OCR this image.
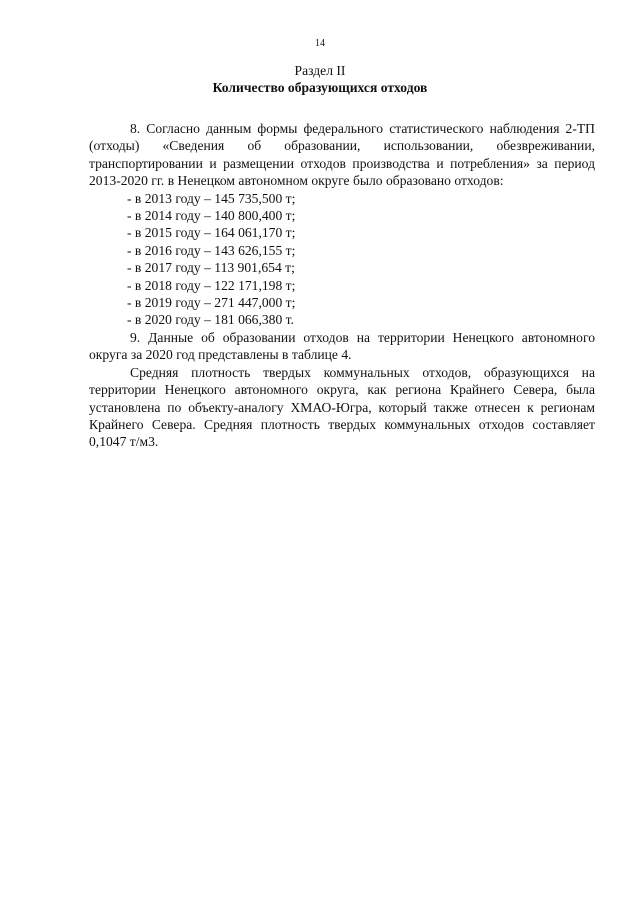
14
Раздел II
Количество образующихся отходов

8. Согласно данным формы федерального статистического наблюдения 2-ТП (отходы) «Сведения об образовании, использовании, обезвреживании, транспортировании и размещении отходов производства и потребления» за период 2013-2020 гг. в Ненецком автономном округе было образовано отходов:

- в 2013 году – 145 735,500 т;
- в 2014 году – 140 800,400 т;
- в 2015 году – 164 061,170 т;
- в 2016 году – 143 626,155 т;
- в 2017 году – 113 901,654 т;
- в 2018 году – 122 171,198 т;
- в 2019 году – 271 447,000 т;
- в 2020 году – 181 066,380 т.

9. Данные об образовании отходов на территории Ненецкого автономного округа за 2020 год представлены в таблице 4.

Средняя плотность твердых коммунальных отходов, образующихся на территории Ненецкого автономного округа, как региона Крайнего Севера, была установлена по объекту-аналогу ХМАО-Югра, который также отнесен к регионам Крайнего Севера. Средняя плотность твердых коммунальных отходов составляет 0,1047 т/м3.
